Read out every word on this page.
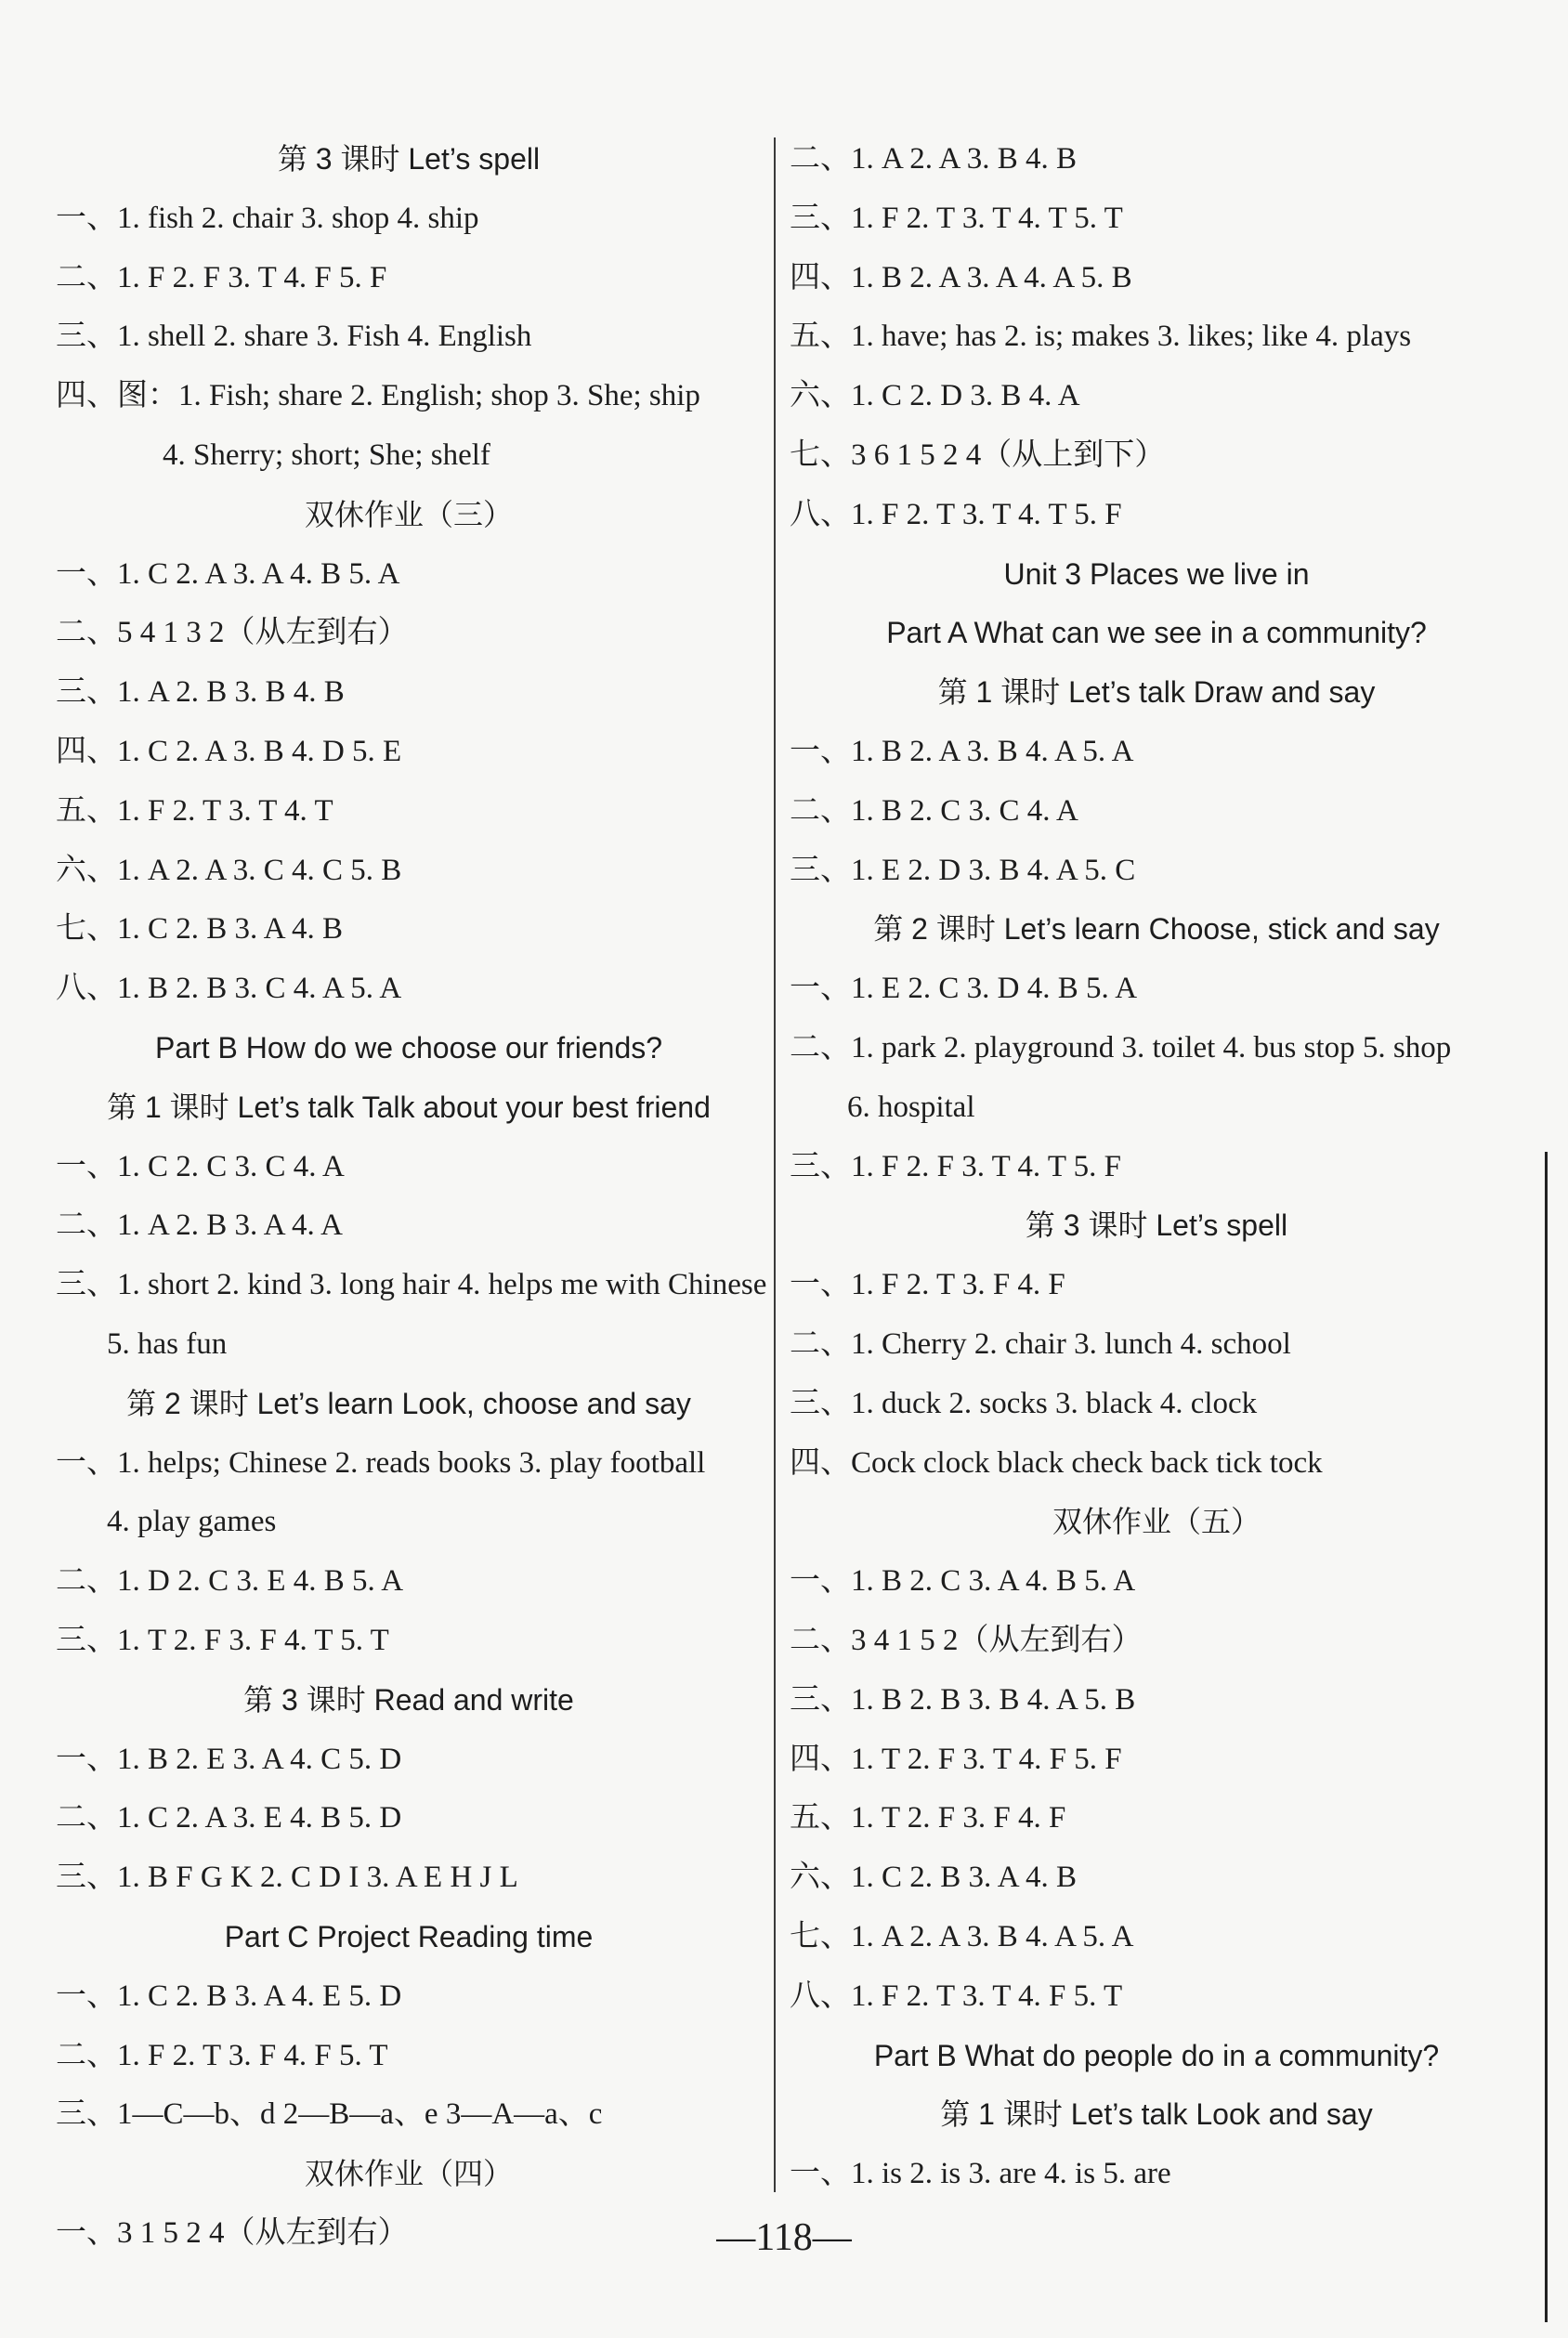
第 3 课时 Let’s spell
一、1. fish 2. chair 3. shop 4. ship
二、1. F 2. F 3. T 4. F 5. F
三、1. shell 2. share 3. Fish 4. English
四、图：1. Fish; share 2. English; shop 3. She; ship
4. Sherry; short; She; shelf
双休作业（三）
一、1. C 2. A 3. A 4. B 5. A
二、5 4 1 3 2（从左到右）
三、1. A 2. B 3. B 4. B
四、1. C 2. A 3. B 4. D 5. E
五、1. F 2. T 3. T 4. T
六、1. A 2. A 3. C 4. C 5. B
七、1. C 2. B 3. A 4. B
八、1. B 2. B 3. C 4. A 5. A
Part B How do we choose our friends?
第 1 课时 Let’s talk Talk about your best friend
一、1. C 2. C 3. C 4. A
二、1. A 2. B 3. A 4. A
三、1. short 2. kind 3. long hair 4. helps me with Chinese
5. has fun
第 2 课时 Let’s learn Look, choose and say
一、1. helps; Chinese 2. reads books 3. play football
4. play games
二、1. D 2. C 3. E 4. B 5. A
三、1. T 2. F 3. F 4. T 5. T
第 3 课时 Read and write
一、1. B 2. E 3. A 4. C 5. D
二、1. C 2. A 3. E 4. B 5. D
三、1. B F G K 2. C D I 3. A E H J L
Part C Project Reading time
一、1. C 2. B 3. A 4. E 5. D
二、1. F 2. T 3. F 4. F 5. T
三、1—C—b、d 2—B—a、e 3—A—a、c
双休作业（四）
一、3 1 5 2 4（从左到右）
二、1. A 2. A 3. B 4. B
三、1. F 2. T 3. T 4. T 5. T
四、1. B 2. A 3. A 4. A 5. B
五、1. have; has 2. is; makes 3. likes; like 4. plays
六、1. C 2. D 3. B 4. A
七、3 6 1 5 2 4（从上到下）
八、1. F 2. T 3. T 4. T 5. F
Unit 3 Places we live in
Part A What can we see in a community?
第 1 课时 Let’s talk Draw and say
一、1. B 2. A 3. B 4. A 5. A
二、1. B 2. C 3. C 4. A
三、1. E 2. D 3. B 4. A 5. C
第 2 课时 Let’s learn Choose, stick and say
一、1. E 2. C 3. D 4. B 5. A
二、1. park 2. playground 3. toilet 4. bus stop 5. shop
6. hospital
三、1. F 2. F 3. T 4. T 5. F
第 3 课时 Let’s spell
一、1. F 2. T 3. F 4. F
二、1. Cherry 2. chair 3. lunch 4. school
三、1. duck 2. socks 3. black 4. clock
四、Cock clock black check back tick tock
双休作业（五）
一、1. B 2. C 3. A 4. B 5. A
二、3 4 1 5 2（从左到右）
三、1. B 2. B 3. B 4. A 5. B
四、1. T 2. F 3. T 4. F 5. F
五、1. T 2. F 3. F 4. F
六、1. C 2. B 3. A 4. B
七、1. A 2. A 3. B 4. A 5. A
八、1. F 2. T 3. T 4. F 5. T
Part B What do people do in a community?
第 1 课时 Let’s talk Look and say
一、1. is 2. is 3. are 4. is 5. are
—118—
